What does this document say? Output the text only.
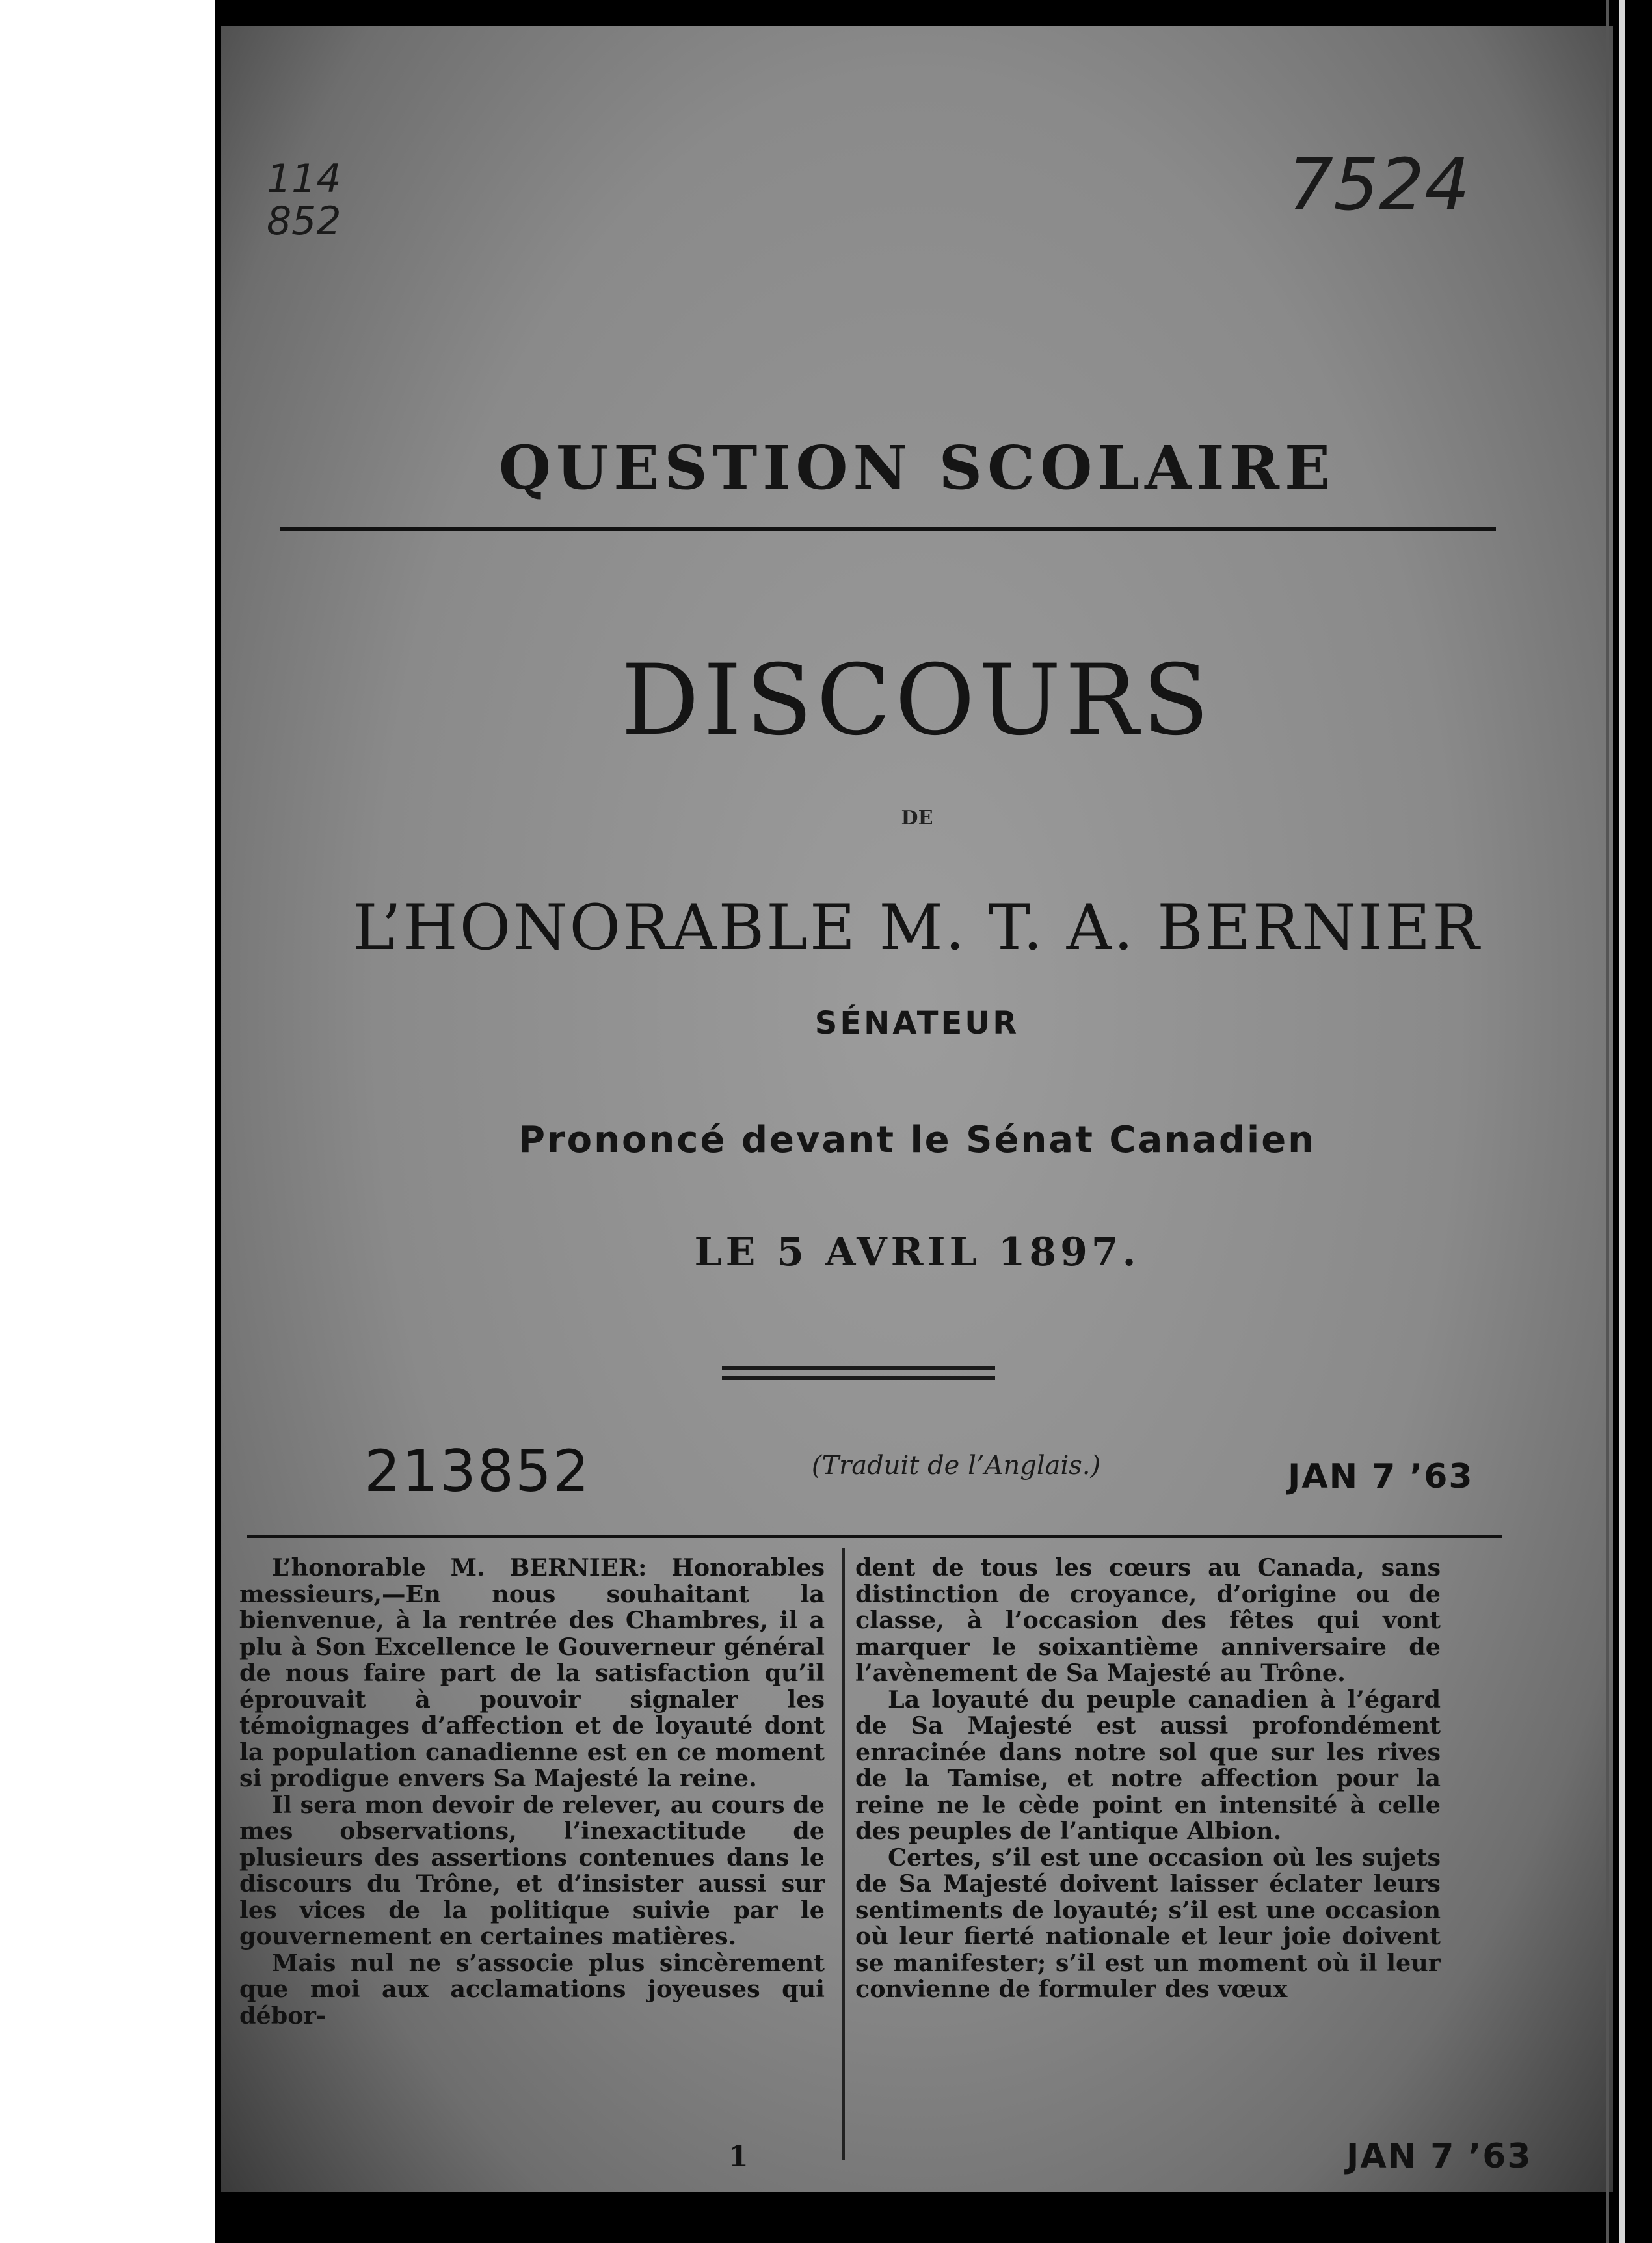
114
852	7524
QUESTION SCOLAIRE
DISCOURS
DE
L’HONORABLE M. T. A. BERNIER
SÉNATEUR
Prononcé devant le Sénat Canadien
LE 5 AVRIL 1897.
213852	(Traduit de l’Anglais.)	JAN 7 ’63

L’honorable M. BERNIER: Honorables messieurs,—En nous souhaitant la bienvenue, à la rentrée des Chambres, il a plu à Son Excellence le Gouverneur général de nous faire part de la satisfaction qu’il éprouvait à pouvoir signaler les témoignages d’affection et de loyauté dont la population canadienne est en ce moment si prodigue envers Sa Majesté la reine.

Il sera mon devoir de relever, au cours de mes observations, l’inexactitude de plusieurs des assertions contenues dans le discours du Trône, et d’insister aussi sur les vices de la politique suivie par le gouvernement en certaines matières.

Mais nul ne s’associe plus sincèrement que moi aux acclamations joyeuses qui débor-

dent de tous les cœurs au Canada, sans distinction de croyance, d’origine ou de classe, à l’occasion des fêtes qui vont marquer le soixantième anniversaire de l’avènement de Sa Majesté au Trône.

La loyauté du peuple canadien à l’égard de Sa Majesté est aussi profondément enracinée dans notre sol que sur les rives de la Tamise, et notre affection pour la reine ne le cède point en intensité à celle des peuples de l’antique Albion.

Certes, s’il est une occasion où les sujets de Sa Majesté doivent laisser éclater leurs sentiments de loyauté; s’il est une occasion où leur fierté nationale et leur joie doivent se manifester; s’il est un moment où il leur convienne de formuler des vœux

1	JAN 7 ’63
